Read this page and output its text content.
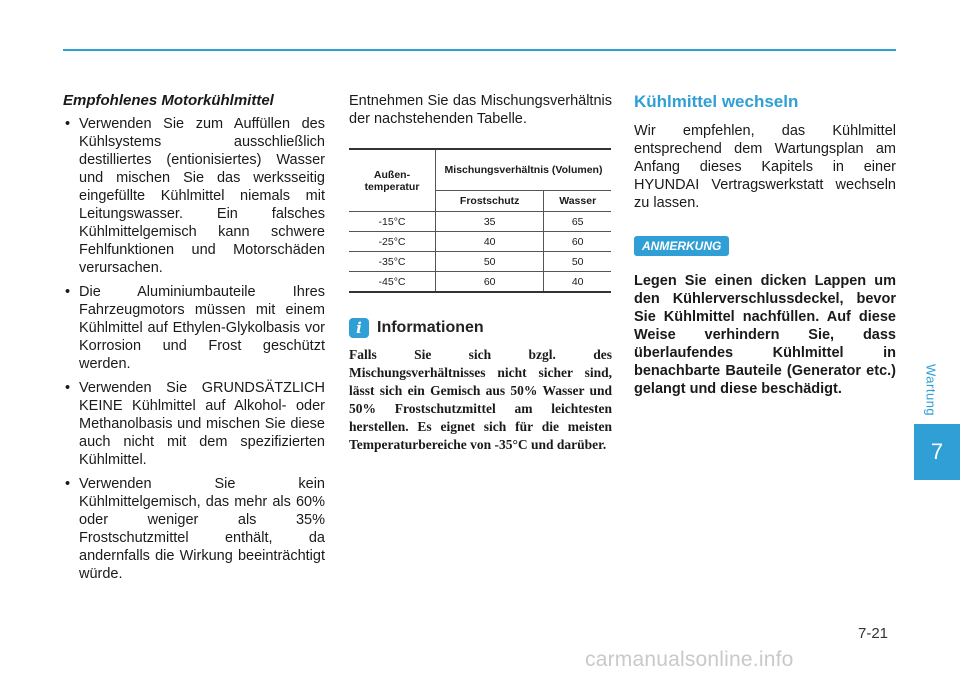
Empfohlenes Motorkühlmittel

• Verwenden Sie zum Auffüllen des Kühlsystems ausschließlich destilliertes (entionisiertes) Wasser und mischen Sie das werksseitig eingefüllte Kühlmittel niemals mit Leitungswasser. Ein falsches Kühlmittelgemisch kann schwere Fehlfunktionen und Motorschäden verursachen.
• Die Aluminiumbauteile Ihres Fahrzeugmotors müssen mit einem Kühlmittel auf Ethylen-Glykolbasis vor Korrosion und Frost geschützt werden.
• Verwenden Sie GRUNDSÄTZLICH KEINE Kühlmittel auf Alkohol- oder Methanolbasis und mischen Sie diese auch nicht mit dem spezifizierten Kühlmittel.
• Verwenden Sie kein Kühlmittelgemisch, das mehr als 60% oder weniger als 35% Frostschutzmittel enthält, da andernfalls die Wirkung beeinträchtigt würde.

Entnehmen Sie das Mischungsverhältnis der nachstehenden Tabelle.

Außen-temperatur	Mischungsverhältnis (Volumen)	
	Frostschutz	Wasser
-15°C	35	65
-25°C	40	60
-35°C	50	50
-45°C	60	40
i Informationen

Falls Sie sich bzgl. des Mischungsverhältnisses nicht sicher sind, lässt sich ein Gemisch aus 50% Wasser und 50% Frostschutzmittel am leichtesten herstellen. Es eignet sich für die meisten Temperaturbereiche von -35°C und darüber.

Kühlmittel wechseln

Wir empfehlen, das Kühlmittel entsprechend dem Wartungsplan am Anfang dieses Kapitels in einer HYUNDAI Vertragswerkstatt wechseln zu lassen.

ANMERKUNG

Legen Sie einen dicken Lappen um den Kühlerverschlussdeckel, bevor Sie Kühlmittel nachfüllen. Auf diese Weise verhindern Sie, dass überlaufendes Kühlmittel in benachbarte Bauteile (Generator etc.) gelangt und diese beschädigt.	Wartung
7
7-21
carmanualsonline.info
